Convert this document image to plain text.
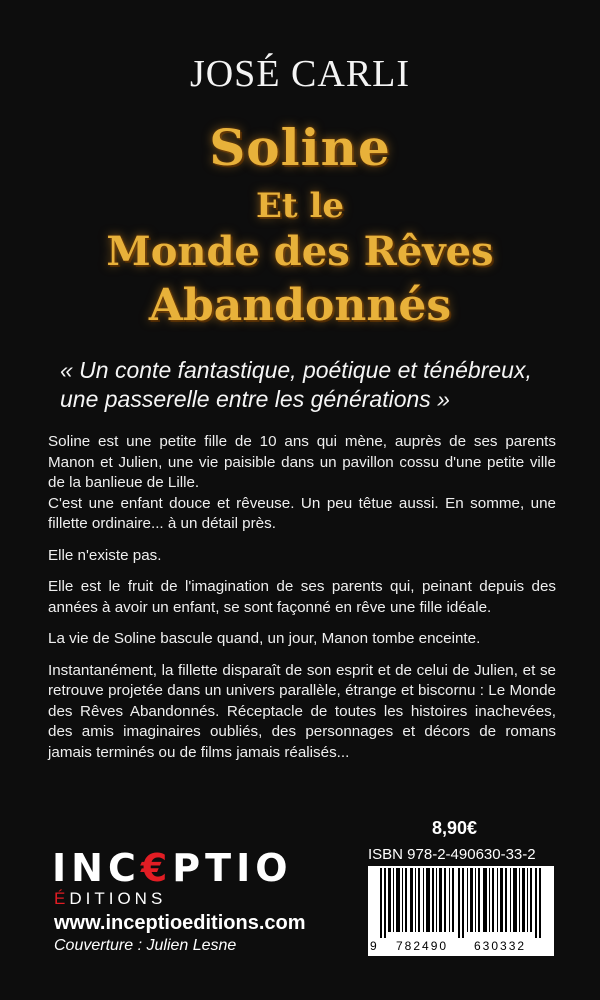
JOSÉ CARLI
Soline
Et le
Monde des Rêves
Abandonnés
« Un conte fantastique, poétique et ténébreux,
une passerelle entre les générations »

Soline est une petite fille de 10 ans qui mène, auprès de ses parents Manon et Julien, une vie paisible dans un pavillon cossu d'une petite ville de la banlieue de Lille.

C'est une enfant douce et rêveuse. Un peu têtue aussi. En somme, une fillette ordinaire... à un détail près.

Elle n'existe pas.

Elle est le fruit de l'imagination de ses parents qui, peinant depuis des années à avoir un enfant, se sont façonné en rêve une fille idéale.

La vie de Soline bascule quand, un jour, Manon tombe enceinte.

Instantanément, la fillette disparaît de son esprit et de celui de Julien, et se retrouve projetée dans un univers parallèle, étrange et biscornu : Le Monde des Rêves Abandonnés. Réceptacle de toutes les histoires inachevées, des amis imaginaires oubliés, des personnages et décors de romans jamais terminés ou de films jamais réalisés...

INC€PTIO
ÉDITIONS
www.inceptioeditions.com
Couverture : Julien Lesne
8,90€
ISBN 978-2-490630-33-2
9 782490 630332
